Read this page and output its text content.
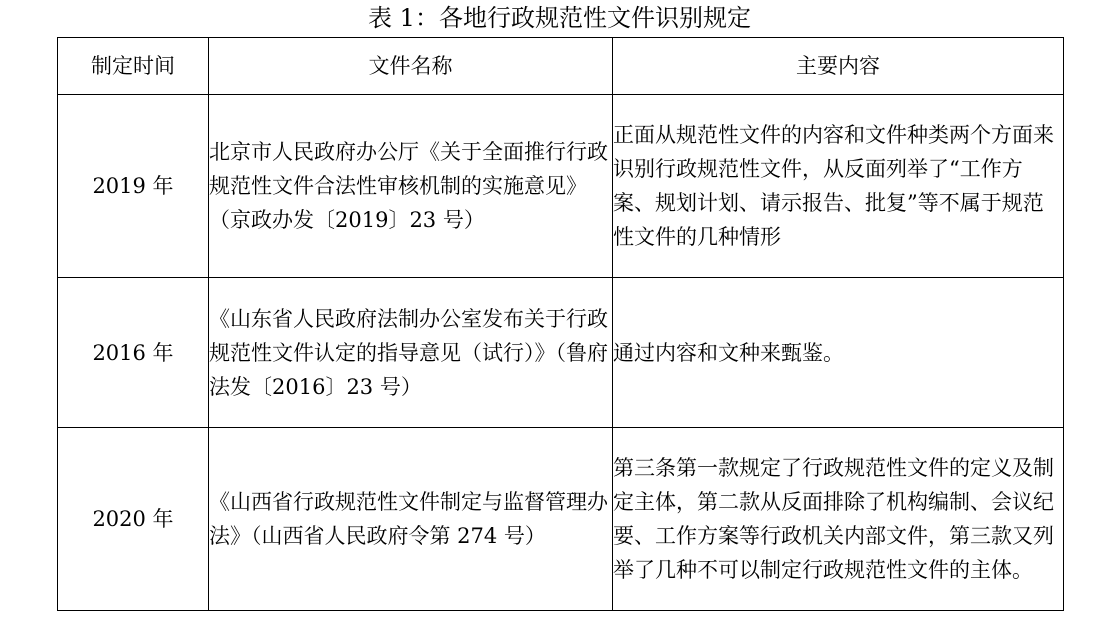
表 1：各地行政规范性文件识别规定
制定时间	文件名称	主要内容
2019 年	北京市人民政府办公厅《关于全面推行行政规范性文件合法性审核机制的实施意见》（京政办发〔2019〕23 号）	正面从规范性文件的内容和文件种类两个方面来识别行政规范性文件，从反面列举了“工作方案、规划计划、请示报告、批复”等不属于规范性文件的几种情形
2016 年	《山东省人民政府法制办公室发布关于行政规范性文件认定的指导意见（试行）》（鲁府法发〔2016〕23 号）	通过内容和文种来甄鉴。
2020 年	《山西省行政规范性文件制定与监督管理办法》（山西省人民政府令第 274 号）	第三条第一款规定了行政规范性文件的定义及制定主体，第二款从反面排除了机构编制、会议纪要、工作方案等行政机关内部文件，第三款又列举了几种不可以制定行政规范性文件的主体。
